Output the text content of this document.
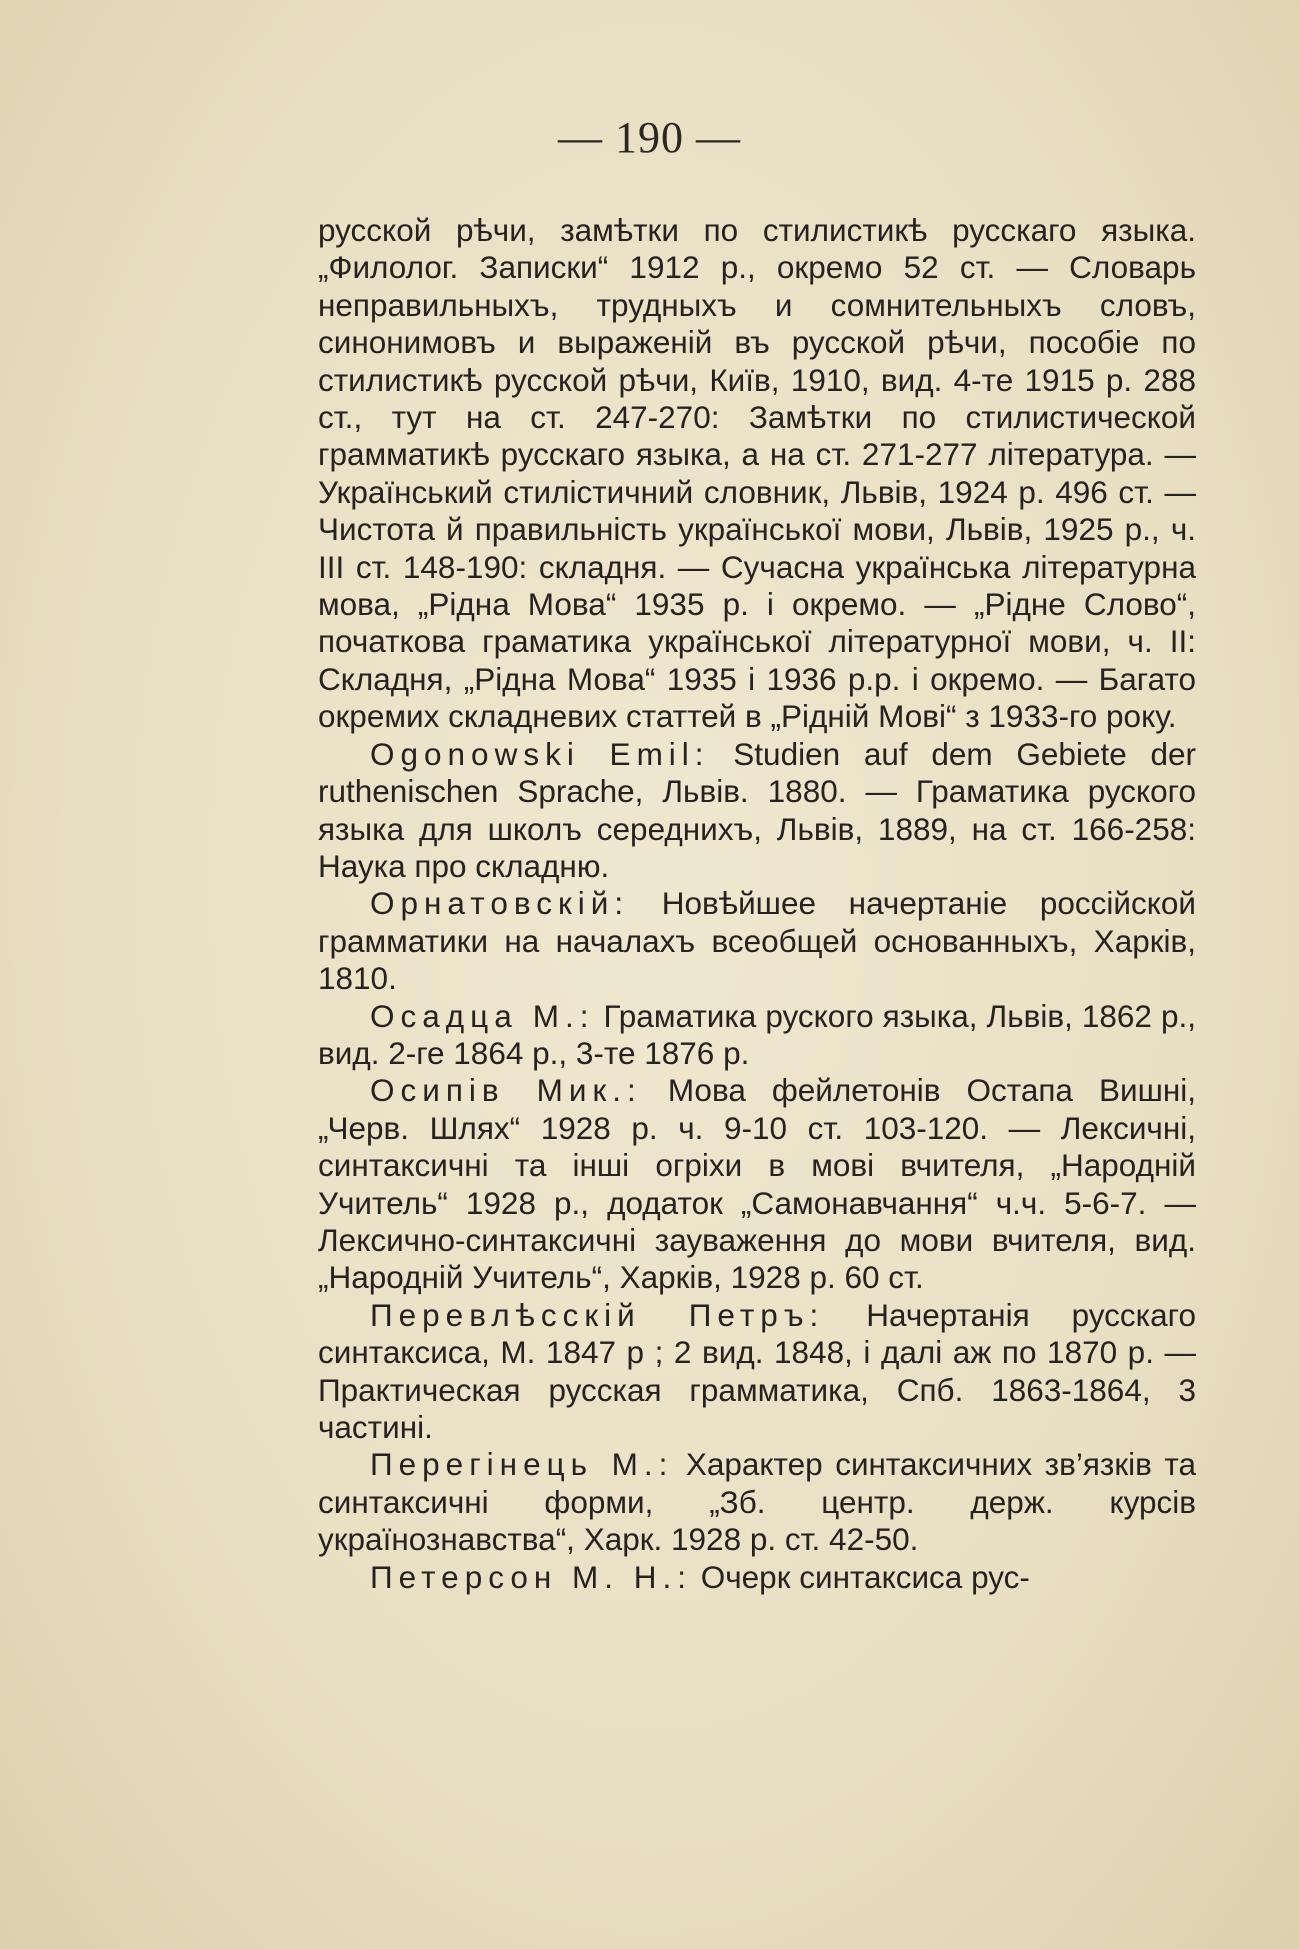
— 190 —

русской рѣчи, замѣтки по стилистикѣ русскаго языка. „Филолог. Записки“ 1912 р., окремо 52 ст. — Словарь неправильныхъ, трудныхъ и сомнительныхъ словъ, синонимовъ и выраженій въ русской рѣчи, пособіе по стилистикѣ русской рѣчи, Київ, 1910, вид. 4-те 1915 р. 288 ст., тут на ст. 247-270: Замѣтки по стилистической грамматикѣ русскаго языка, а на ст. 271-277 література. — Український стилістичний словник, Львів, 1924 р. 496 ст. — Чистота й правильність української мови, Львів, 1925 р., ч. III ст. 148-190: складня. — Сучасна українська літературна мова, „Рідна Мова“ 1935 р. і окремо. — „Рідне Слово“, початкова граматика української літературної мови, ч. II: Складня, „Рідна Мова“ 1935 і 1936 р.р. і окремо. — Багато окремих складневих статтей в „Рідній Мові“ з 1933-го року.

Ogonowski Emil: Studien auf dem Gebiete der ruthenischen Sprache, Львів. 1880. — Граматика руского языка для школъ середнихъ, Львів, 1889, на ст. 166-258: Наука про складню.

Орнатовскій: Новѣйшее начертаніе россійской грамматики на началахъ всеобщей основанныхъ, Харків, 1810.

Осадца М.: Граматика руского языка, Львів, 1862 р., вид. 2-ге 1864 р., 3-те 1876 р.

Осипів Мик.: Мова фейлетонів Остапа Вишні, „Черв. Шлях“ 1928 р. ч. 9-10 ст. 103-120. — Лексичні, синтаксичні та інші огріхи в мові вчителя, „Народній Учитель“ 1928 р., додаток „Самонавчання“ ч.ч. 5-6-7. — Лексично-синтаксичні зауваження до мови вчителя, вид. „Народній Учитель“, Харків, 1928 р. 60 ст.

Перевлѣсскій Петръ: Начертанія русскаго синтаксиса, М. 1847 р ; 2 вид. 1848, і далі аж по 1870 р. — Практическая русская грамматика, Спб. 1863-1864, 3 частині.

Перегінець М.: Характер синтаксичних зв’язків та синтаксичні форми, „Зб. центр. держ. курсів українознавства“, Харк. 1928 р. ст. 42-50.

Петерсон М. Н.: Очерк синтаксиса рус-
